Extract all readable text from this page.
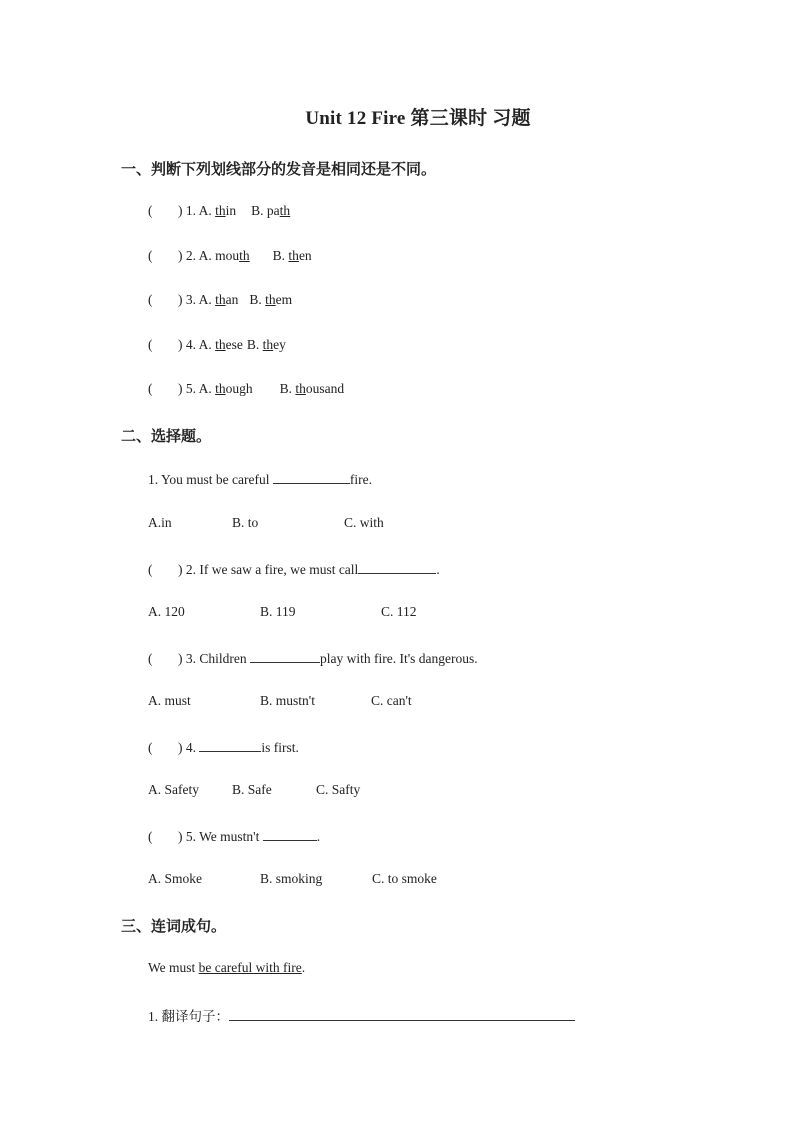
Unit 12 Fire 第三课时 习题
一、判断下列划线部分的发音是相同还是不同。
( ) 1. A. thin B. path
( ) 2. A. mouth B. then
( ) 3. A. than B. them
( ) 4. A. these B. they
( ) 5. A. though B. thousand
二、选择题。
1. You must be careful	fire.
A.in	B. to	C. with
( ) 2. If we saw a fire, we must call	.
A. 120	B. 119	C. 112
( ) 3. Children	play with fire. It's dangerous.
A. must	B. mustn't	C. can't
( ) 4.	is first.
A. Safety B. Safe	C. Safty
( ) 5. We mustn't	.
A. Smoke	B. smoking	C. to smoke
三、连词成句。
We must be careful with fire.
1. 翻译句子：
